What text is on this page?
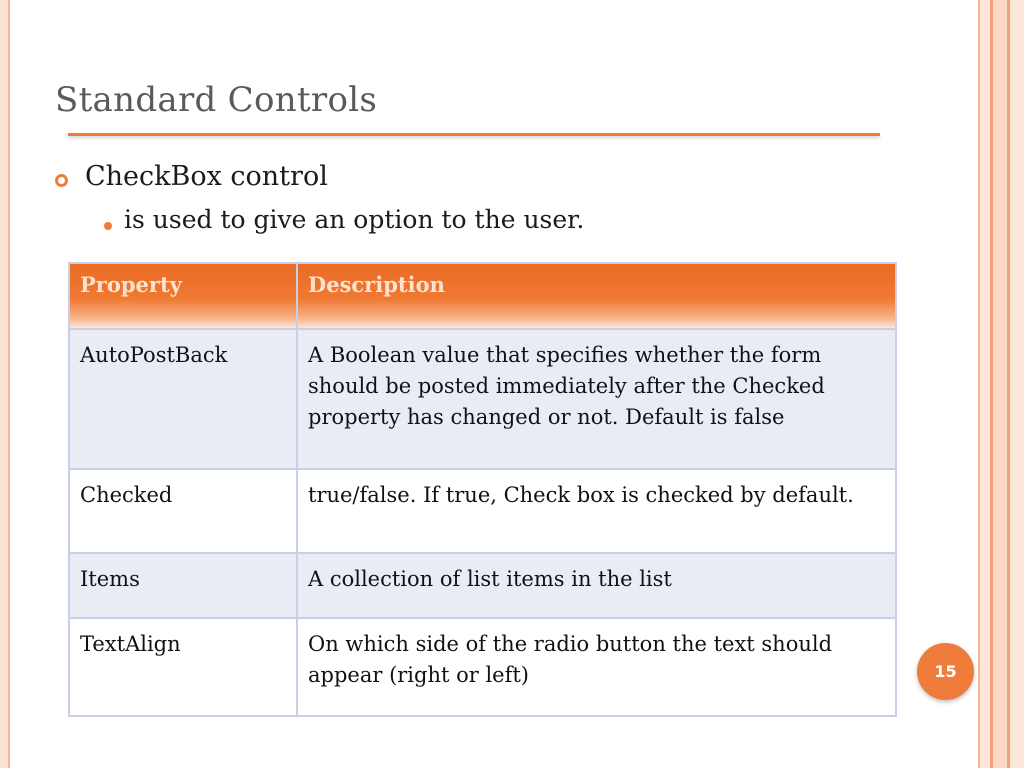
Standard Controls
CheckBox control
is used to give an option to the user.
Property	Description
AutoPostBack	A Boolean value that specifies whether the form should be posted immediately after the Checked property has changed or not. Default is false
Checked	true/false. If true, Check box is checked by default.
Items	A collection of list items in the list
TextAlign	On which side of the radio button the text should appear (right or left)	15
